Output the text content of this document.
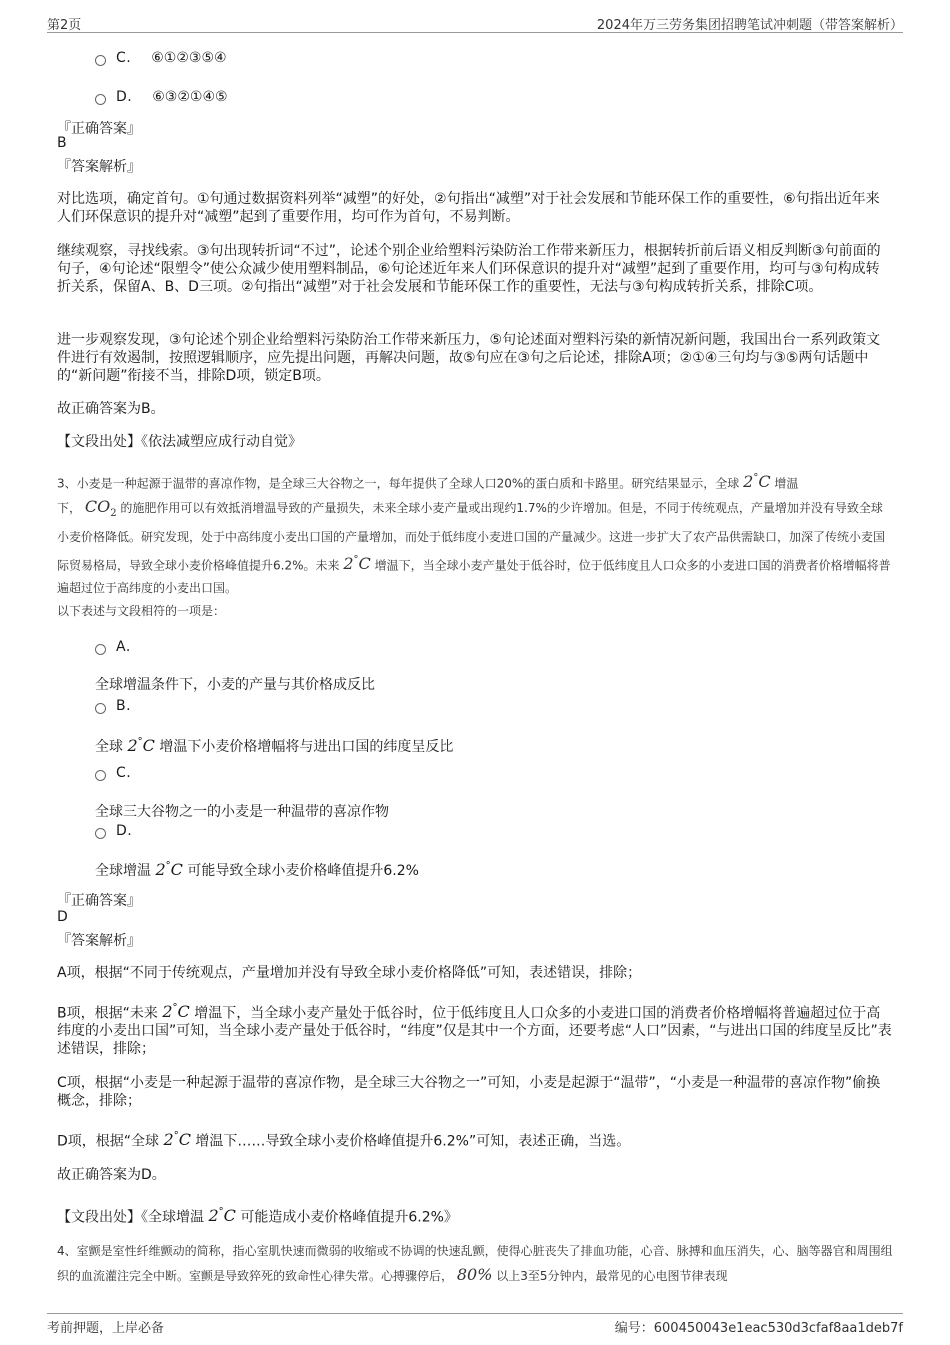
第2页	2024年万三劳务集团招聘笔试冲刺题（带答案解析）
C. ⑥①②③⑤④
D. ⑥③②①④⑤
『正确答案』
B
『答案解析』
对比选项，确定首句。①句通过数据资料列举“减塑”的好处，②句指出“减塑”对于社会发展和节能环保工作的重要性，⑥句指出近年来人们环保意识的提升对“减塑”起到了重要作用，均可作为首句，不易判断。
继续观察，寻找线索。③句出现转折词“不过”，论述个别企业给塑料污染防治工作带来新压力，根据转折前后语义相反判断③句前面的句子，④句论述“限塑令”使公众减少使用塑料制品，⑥句论述近年来人们环保意识的提升对“减塑”起到了重要作用，均可与③句构成转折关系，保留A、B、D三项。②句指出“减塑”对于社会发展和节能环保工作的重要性，无法与③句构成转折关系，排除C项。
进一步观察发现，③句论述个别企业给塑料污染防治工作带来新压力，⑤句论述面对塑料污染的新情况新问题，我国出台一系列政策文件进行有效遏制，按照逻辑顺序，应先提出问题，再解决问题，故⑤句应在③句之后论述，排除A项；②①④三句均与③⑤两句话题中的“新问题”衔接不当，排除D项，锁定B项。
故正确答案为B。
【文段出处】《依法减塑应成行动自觉》
3、小麦是一种起源于温带的喜凉作物，是全球三大谷物之一，每年提供了全球人口20%的蛋白质和卡路里。研究结果显示，全球 2°C 增温
下， $CO_2$ 的施肥作用可以有效抵消增温导致的产量损失，未来全球小麦产量或出现约1.7%的少许增加。但是，不同于传统观点，产量增加并没有导致全球小麦价格降低。研究发现，处于中高纬度小麦出口国的产量增加，而处于低纬度小麦进口国的产量减少。这进一步扩大了农产品供需缺口，加深了传统小麦国际贸易格局，导致全球小麦价格峰值提升6.2%。未来 2°C 增温下，当全球小麦产量处于低谷时，位于低纬度且人口众多的小麦进口国的消费者价格增幅将普遍超过位于高纬度的小麦出口国。
以下表述与文段相符的一项是：
A.
全球增温条件下，小麦的产量与其价格成反比
B.
全球 2°C 增温下小麦价格增幅将与进出口国的纬度呈反比
C.
全球三大谷物之一的小麦是一种温带的喜凉作物
D.
全球增温 2°C 可能导致全球小麦价格峰值提升6.2%
『正确答案』
D
『答案解析』
A项，根据“不同于传统观点，产量增加并没有导致全球小麦价格降低”可知，表述错误，排除；
B项，根据“未来 2°C 增温下，当全球小麦产量处于低谷时，位于低纬度且人口众多的小麦进口国的消费者价格增幅将普遍超过位于高纬度的小麦出口国”可知，当全球小麦产量处于低谷时，“纬度”仅是其中一个方面，还要考虑“人口”因素，“与进出口国的纬度呈反比”表述错误，排除；
C项，根据“小麦是一种起源于温带的喜凉作物，是全球三大谷物之一”可知，小麦是起源于“温带”，“小麦是一种温带的喜凉作物”偷换概念，排除；
D项，根据“全球 2°C 增温下……导致全球小麦价格峰值提升6.2%”可知，表述正确，当选。
故正确答案为D。
【文段出处】《全球增温 2°C 可能造成小麦价格峰值提升6.2%》
4、室颤是室性纤维颤动的简称，指心室肌快速而微弱的收缩或不协调的快速乱颤，使得心脏丧失了排血功能，心音、脉搏和血压消失，心、脑等器官和周围组织的血流灌注完全中断。室颤是导致猝死的致命性心律失常。心搏骤停后， 80% 以上3至5分钟内，最常见的心电图节律表现
考前押题，上岸必备	编号：600450043e1eac530d3cfaf8aa1deb7f
